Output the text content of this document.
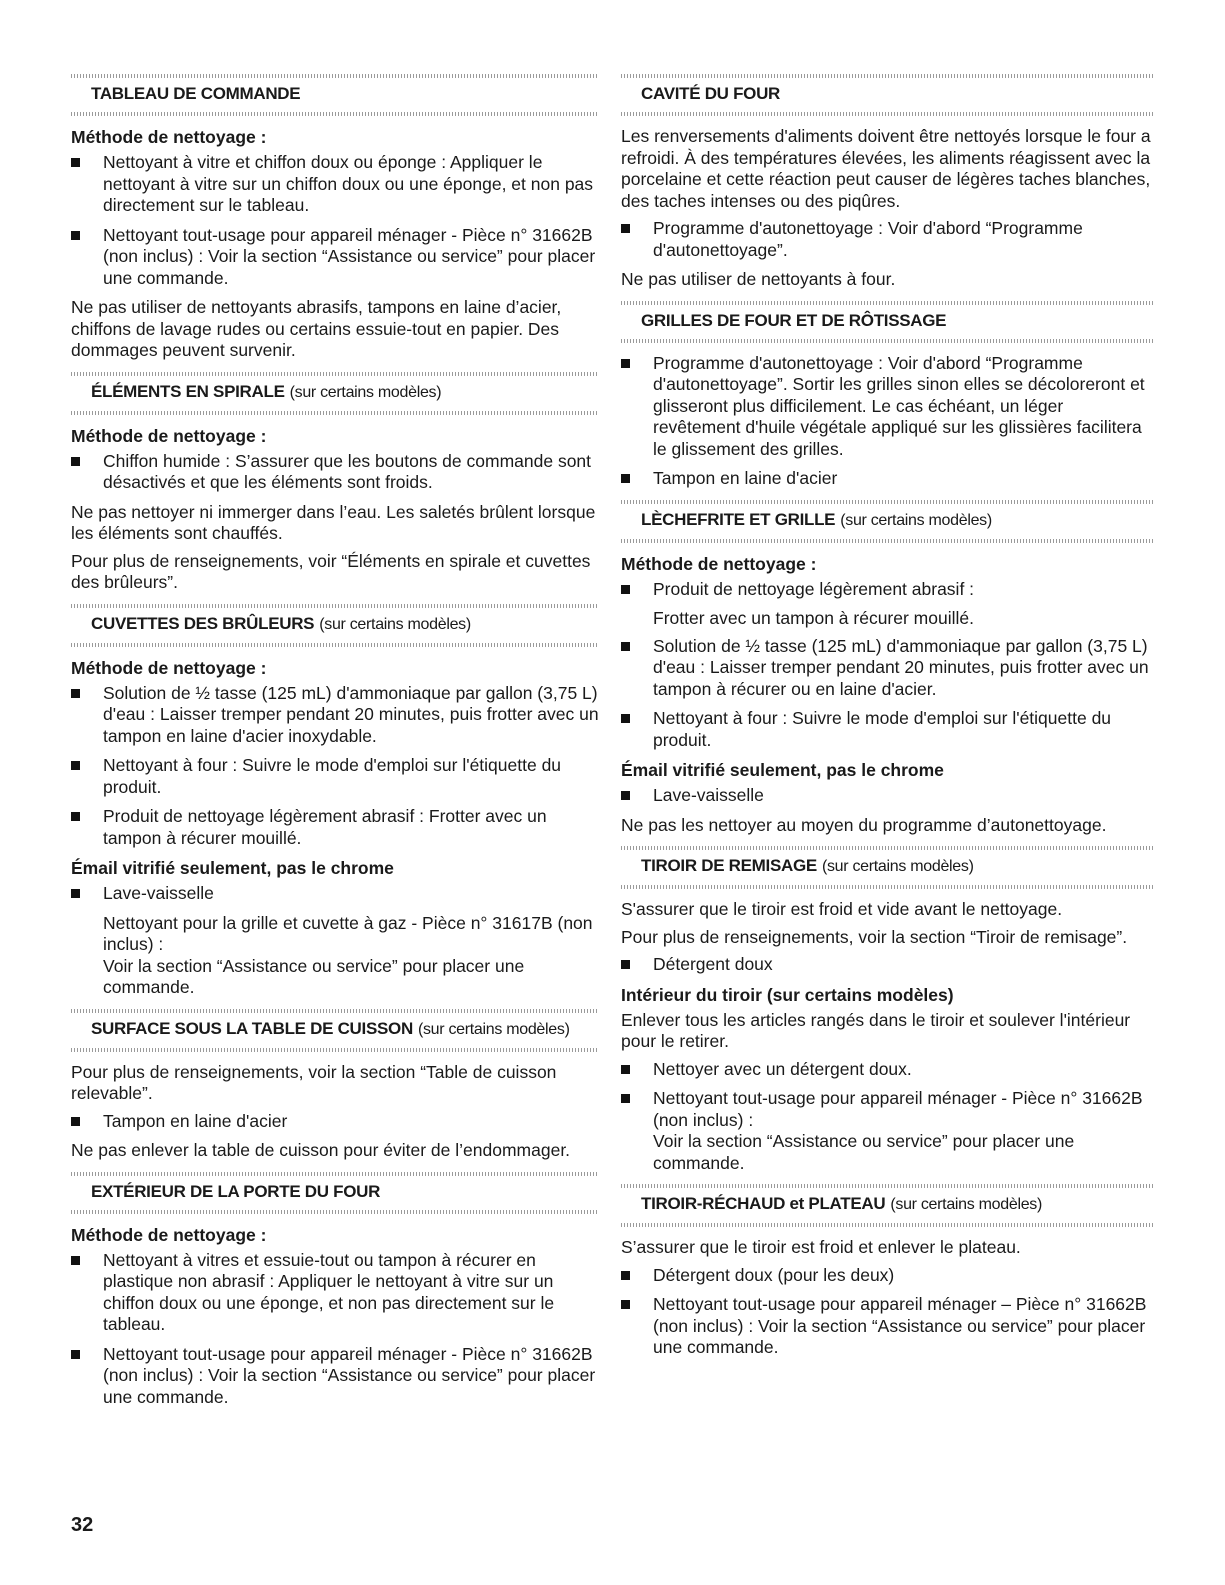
TABLEAU DE COMMANDE
Méthode de nettoyage :
Nettoyant à vitre et chiffon doux ou éponge : Appliquer le nettoyant à vitre sur un chiffon doux ou une éponge, et non pas directement sur le tableau.
Nettoyant tout-usage pour appareil ménager - Pièce n° 31662B (non inclus) : Voir la section “Assistance ou service” pour placer une commande.

Ne pas utiliser de nettoyants abrasifs, tampons en laine d’acier, chiffons de lavage rudes ou certains essuie-tout en papier. Des dommages peuvent survenir.

ÉLÉMENTS EN SPIRALE (sur certains modèles)
Méthode de nettoyage :
Chiffon humide : S’assurer que les boutons de commande sont désactivés et que les éléments sont froids.

Ne pas nettoyer ni immerger dans l’eau. Les saletés brûlent lorsque les éléments sont chauffés.

Pour plus de renseignements, voir “Éléments en spirale et cuvettes des brûleurs”.

CUVETTES DES BRÛLEURS (sur certains modèles)
Méthode de nettoyage :
Solution de ½ tasse (125 mL) d'ammoniaque par gallon (3,75 L) d'eau : Laisser tremper pendant 20 minutes, puis frotter avec un tampon en laine d'acier inoxydable.
Nettoyant à four : Suivre le mode d'emploi sur l'étiquette du produit.
Produit de nettoyage légèrement abrasif : Frotter avec un tampon à récurer mouillé.
Émail vitrifié seulement, pas le chrome
Lave-vaisselle
Nettoyant pour la grille et cuvette à gaz - Pièce n° 31617B (non inclus) :
Voir la section “Assistance ou service” pour placer une commande.
SURFACE SOUS LA TABLE DE CUISSON (sur certains modèles)

Pour plus de renseignements, voir la section “Table de cuisson relevable”.

Tampon en laine d'acier

Ne pas enlever la table de cuisson pour éviter de l’endommager.

EXTÉRIEUR DE LA PORTE DU FOUR
Méthode de nettoyage :
Nettoyant à vitres et essuie-tout ou tampon à récurer en plastique non abrasif : Appliquer le nettoyant à vitre sur un chiffon doux ou une éponge, et non pas directement sur le tableau.
Nettoyant tout-usage pour appareil ménager - Pièce n° 31662B (non inclus) : Voir la section “Assistance ou service” pour placer une commande.
CAVITÉ DU FOUR

Les renversements d'aliments doivent être nettoyés lorsque le four a refroidi. À des températures élevées, les aliments réagissent avec la porcelaine et cette réaction peut causer de légères taches blanches, des taches intenses ou des piqûres.

Programme d'autonettoyage : Voir d'abord “Programme d'autonettoyage”.

Ne pas utiliser de nettoyants à four.

GRILLES DE FOUR ET DE RÔTISSAGE
Programme d'autonettoyage : Voir d'abord “Programme d'autonettoyage”. Sortir les grilles sinon elles se décoloreront et glisseront plus difficilement. Le cas échéant, un léger revêtement d'huile végétale appliqué sur les glissières facilitera le glissement des grilles.
Tampon en laine d'acier
LÈCHEFRITE ET GRILLE (sur certains modèles)
Méthode de nettoyage :
Produit de nettoyage légèrement abrasif :
Frotter avec un tampon à récurer mouillé.
Solution de ½ tasse (125 mL) d'ammoniaque par gallon (3,75 L) d'eau : Laisser tremper pendant 20 minutes, puis frotter avec un tampon à récurer ou en laine d'acier.
Nettoyant à four : Suivre le mode d'emploi sur l'étiquette du produit.
Émail vitrifié seulement, pas le chrome
Lave-vaisselle

Ne pas les nettoyer au moyen du programme d’autonettoyage.

TIROIR DE REMISAGE (sur certains modèles)

S'assurer que le tiroir est froid et vide avant le nettoyage.

Pour plus de renseignements, voir la section “Tiroir de remisage”.

Détergent doux
Intérieur du tiroir (sur certains modèles)

Enlever tous les articles rangés dans le tiroir et soulever l'intérieur pour le retirer.

Nettoyer avec un détergent doux.
Nettoyant tout-usage pour appareil ménager - Pièce n° 31662B (non inclus) :
Voir la section “Assistance ou service” pour placer une commande.
TIROIR-RÉCHAUD et PLATEAU (sur certains modèles)

S’assurer que le tiroir est froid et enlever le plateau.

Détergent doux (pour les deux)
Nettoyant tout-usage pour appareil ménager – Pièce n° 31662B (non inclus) : Voir la section “Assistance ou service” pour placer une commande.
32
